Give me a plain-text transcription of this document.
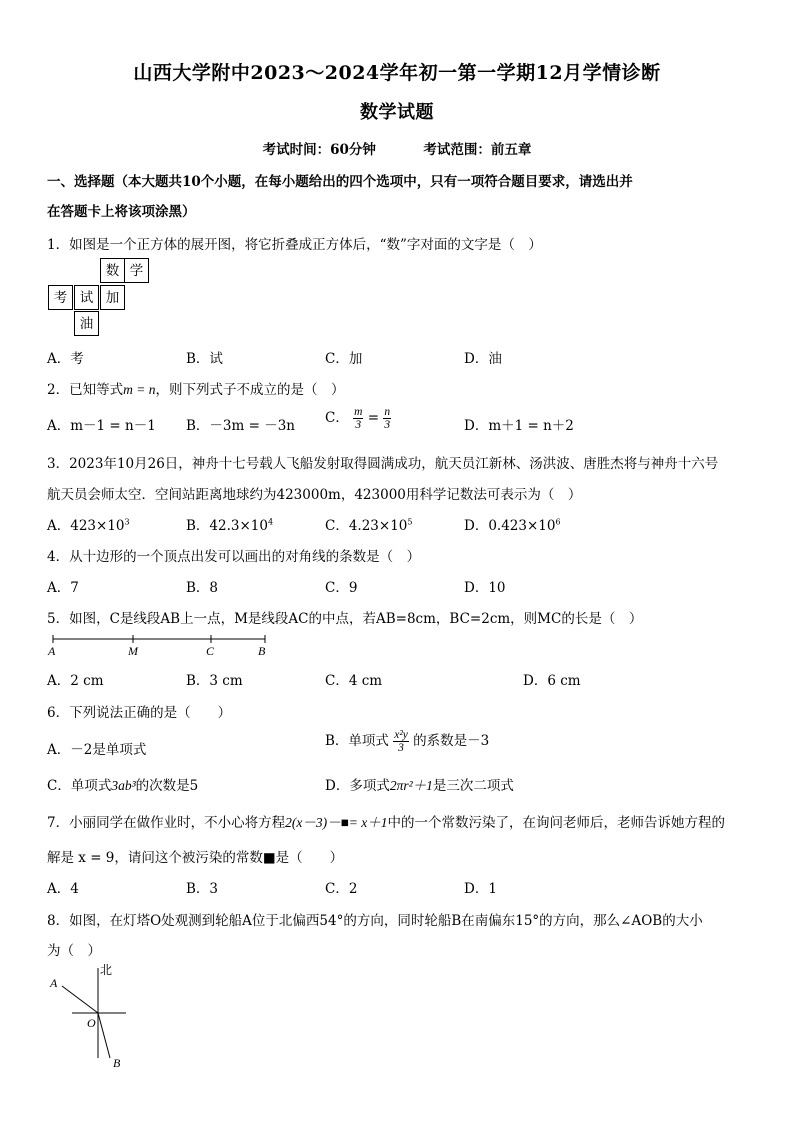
山西大学附中2023～2024学年初一第一学期12月学情诊断
数学试题
考试时间：60分钟	考试范围：前五章
一、选择题（本大题共10个小题，在每小题给出的四个选项中，只有一项符合题目要求，请选出并
在答题卡上将该项涂黑）
1．如图是一个正方体的展开图，将它折叠成正方体后，“数”字对面的文字是（　）
数 学
考 试 加
油
A．考	B．试	C．加	D．油
2．已知等式m = n，则下列式子不成立的是（　）
A．m－1 = n－1 B．－3m = －3n C． $\frac{m}{3} = \frac{n}{3}$	D．m＋1 = n＋2
3．2023年10月26日，神舟十七号载人飞船发射取得圆满成功，航天员江新林、汤洪波、唐胜杰将与神舟十六号
航天员会师太空．空间站距离地球约为423000m，423000用科学记数法可表示为（　）
A．$423\times 10^3$	B．$42.3\times 10^4$	C．$4.23\times 10^5$	D．$0.423\times 10^6$
4．从十边形的一个顶点出发可以画出的对角线的条数是（　）
A．7	B．8	C．9	D．10
5．如图，C是线段AB上一点，M是线段AC的中点，若AB=8cm，BC=2cm，则MC的长是（　）
A	M	C	B
A．2 cm	B．3 cm	C．4 cm	D．6 cm
6．下列说法正确的是（　　）
A．－2是单项式
B．单项式 $\frac{\text{x²y}}{3}$ 的系数是－3
C．单项式3ab³的次数是5	D．多项式2πr²＋1是三次二项式
7．小丽同学在做作业时，不小心将方程2(x－3)－■= x＋1中的一个常数污染了，在询问老师后，老师告诉她方程的
解是 x = 9，请问这个被污染的常数■是（　　）
A．4	B．3	C．2	D．1
8．如图，在灯塔O处观测到轮船A位于北偏西54°的方向，同时轮船B在南偏东15°的方向，那么∠AOB的大小
为（　）
北
A
O
B
